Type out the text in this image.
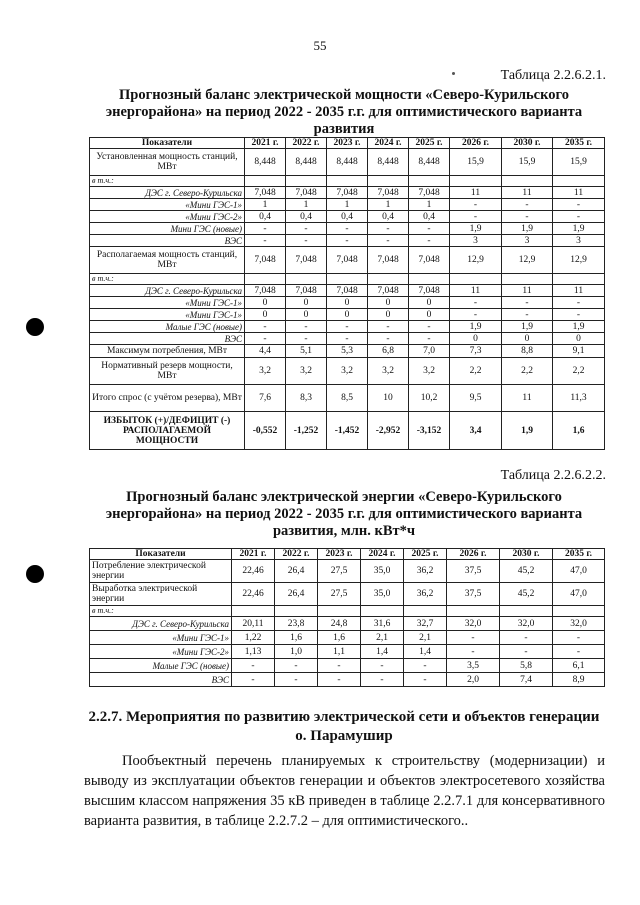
55
Таблица 2.2.6.2.1.
Прогнозный баланс электрической мощности «Северо-Курильского энергорайона» на период 2022 - 2035 г.г. для оптимистического варианта развития
Показатели	2021 г.	2022 г.	2023 г.	2024 г.	2025 г.	2026 г.	2030 г.	2035 г.
Установленная мощность станций, МВт	8,448	8,448	8,448	8,448	8,448	15,9	15,9	15,9
в т.ч.:								
ДЭС г. Северо-Курильска	7,048	7,048	7,048	7,048	7,048	11	11	11
«Мини ГЭС-1»	1	1	1	1	1	-	-	-
«Мини ГЭС-2»	0,4	0,4	0,4	0,4	0,4	-	-	-
Мини ГЭС (новые)	-	-	-	-	-	1,9	1,9	1,9
ВЭС	-	-	-	-	-	3	3	3
Располагаемая мощность станций, МВт	7,048	7,048	7,048	7,048	7,048	12,9	12,9	12,9
в т.ч.:								
ДЭС г. Северо-Курильска	7,048	7,048	7,048	7,048	7,048	11	11	11
«Мини ГЭС-1»	0	0	0	0	0	-	-	-
«Мини ГЭС-1»	0	0	0	0	0	-	-	-
Малые ГЭС (новые)	-	-	-	-	-	1,9	1,9	1,9
ВЭС	-	-	-	-	-	0	0	0
Максимум потребления, МВт	4,4	5,1	5,3	6,8	7,0	7,3	8,8	9,1
Нормативный резерв мощности, МВт	3,2	3,2	3,2	3,2	3,2	2,2	2,2	2,2
Итого спрос (с учётом резерва), МВт	7,6	8,3	8,5	10	10,2	9,5	11	11,3
ИЗБЫТОК (+)/ДЕФИЦИТ (-) РАСПОЛАГАЕМОЙ МОЩНОСТИ	-0,552	-1,252	-1,452	-2,952	-3,152	3,4	1,9	1,6
Таблица 2.2.6.2.2.
Прогнозный баланс электрической энергии «Северо-Курильского энергорайона» на период 2022 - 2035 г.г. для оптимистического варианта развития, млн. кВт*ч
Показатели	2021 г.	2022 г.	2023 г.	2024 г.	2025 г.	2026 г.	2030 г.	2035 г.
Потребление электрической энергии	22,46	26,4	27,5	35,0	36,2	37,5	45,2	47,0
Выработка электрической энергии	22,46	26,4	27,5	35,0	36,2	37,5	45,2	47,0
в т.ч.:								
ДЭС г. Северо-Курильска	20,11	23,8	24,8	31,6	32,7	32,0	32,0	32,0
«Мини ГЭС-1»	1,22	1,6	1,6	2,1	2,1	-	-	-
«Мини ГЭС-2»	1,13	1,0	1,1	1,4	1,4	-	-	-
Малые ГЭС (новые)	-	-	-	-	-	3,5	5,8	6,1
ВЭС	-	-	-	-	-	2,0	7,4	8,9
2.2.7. Мероприятия по развитию электрической сети и объектов генерации о. Парамушир
Пообъектный перечень планируемых к строительству (модернизации) и выводу из эксплуатации объектов генерации и объектов электросетевого хозяйства высшим классом напряжения 35 кВ приведен в таблице 2.2.7.1 для консервативного варианта развития, в таблице 2.2.7.2 – для оптимистического..
